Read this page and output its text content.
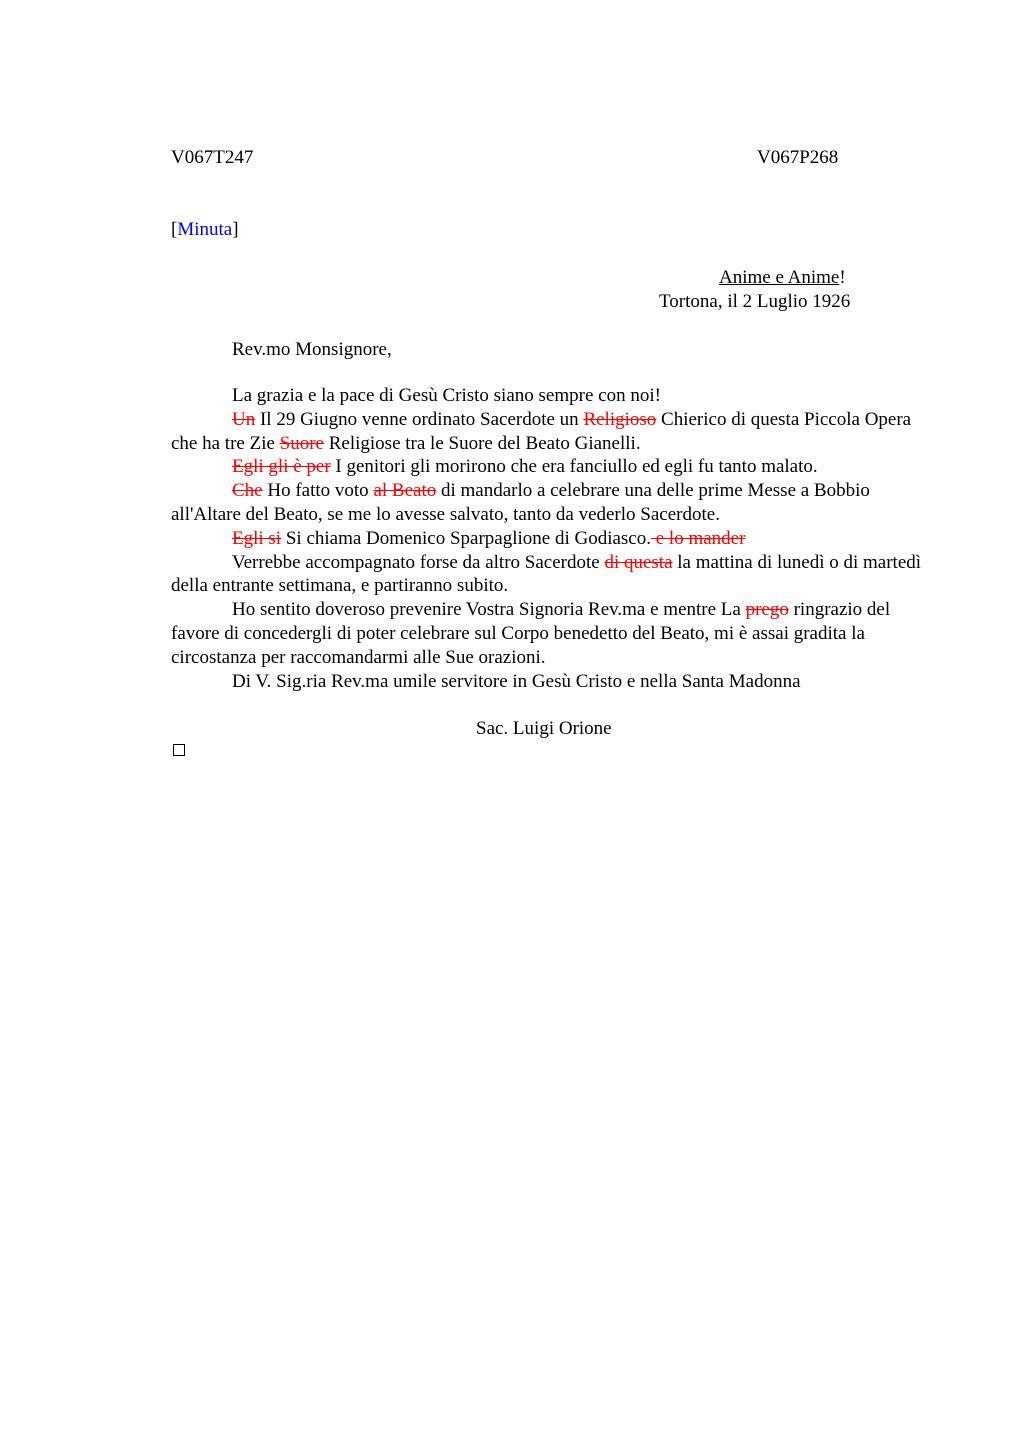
V067T247	V067P268
[Minuta]
Anime e Anime!
Tortona, il 2 Luglio 1926
Rev.mo Monsignore,

La grazia e la pace di Gesù Cristo siano sempre con noi!

Un Il 29 Giugno venne ordinato Sacerdote un Religioso Chierico di questa Piccola Opera che ha tre Zie Suore Religiose tra le Suore del Beato Gianelli.

Egli gli è per I genitori gli morirono che era fanciullo ed egli fu tanto malato.

Che Ho fatto voto al Beato di mandarlo a celebrare una delle prime Messe a Bobbio all'Altare del Beato, se me lo avesse salvato, tanto da vederlo Sacerdote.

Egli si Si chiama Domenico Sparpaglione di Godiasco. e lo mander

Verrebbe accompagnato forse da altro Sacerdote di questa la mattina di lunedì o di martedì della entrante settimana, e partiranno subito.

Ho sentito doveroso prevenire Vostra Signoria Rev.ma e mentre La prego ringrazio del favore di concedergli di poter celebrare sul Corpo benedetto del Beato, mi è assai gradita la circostanza per raccomandarmi alle Sue orazioni.

Di V. Sig.ria Rev.ma umile servitore in Gesù Cristo e nella Santa Madonna

Sac. Luigi Orione
